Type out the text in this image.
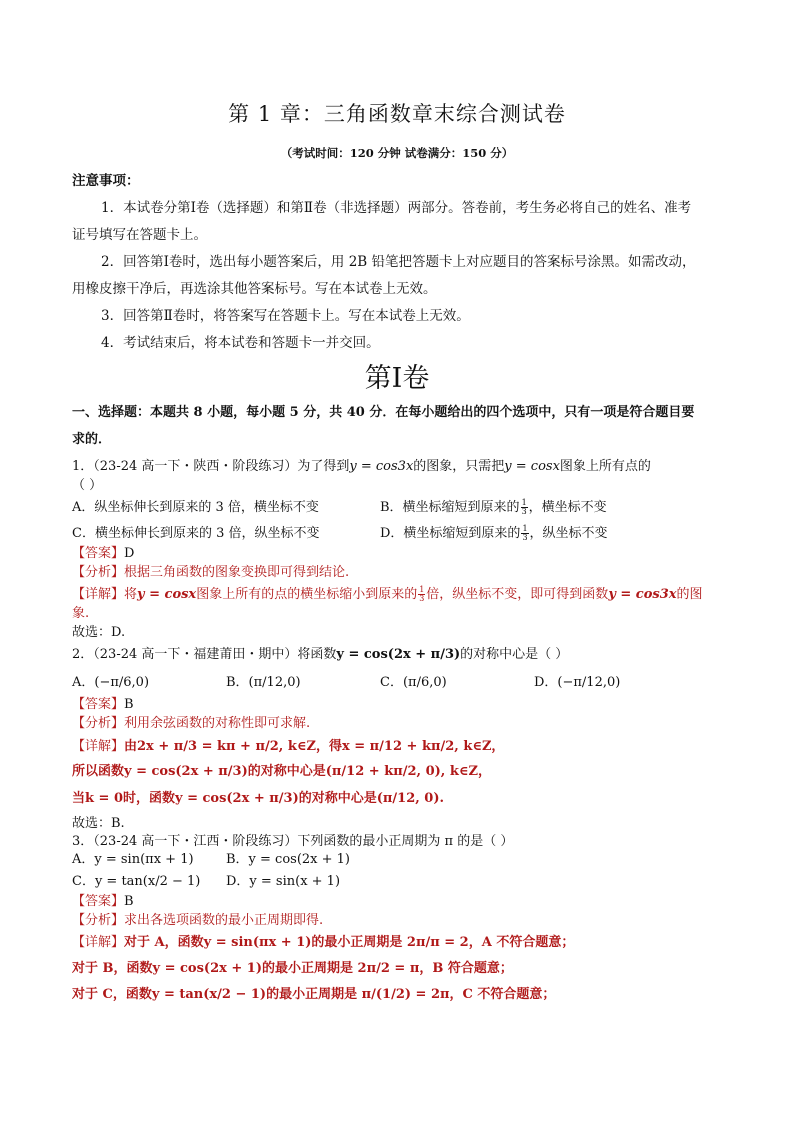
第 1 章：三角函数章末综合测试卷
（考试时间：120 分钟 试卷满分：150 分）
注意事项：
1．本试卷分第Ⅰ卷（选择题）和第Ⅱ卷（非选择题）两部分。答卷前，考生务必将自己的姓名、准考
证号填写在答题卡上。
2．回答第Ⅰ卷时，选出每小题答案后，用 2B 铅笔把答题卡上对应题目的答案标号涂黑。如需改动，
用橡皮擦干净后，再选涂其他答案标号。写在本试卷上无效。
3．回答第Ⅱ卷时，将答案写在答题卡上。写在本试卷上无效。
4．考试结束后，将本试卷和答题卡一并交回。
第Ⅰ卷
一、选择题：本题共 8 小题，每小题 5 分，共 40 分．在每小题给出的四个选项中，只有一项是符合题目要
求的．
1．（23-24 高一下・陕西・阶段练习）为了得到y = cos3x的图象，只需把y = cosx图象上所有点的
（ ）
A．纵坐标伸长到原来的 3 倍，横坐标不变	B．横坐标缩短到原来的 $\frac{1}{3}$ ，横坐标不变
C．横坐标伸长到原来的 3 倍，纵坐标不变	D．横坐标缩短到原来的 $\frac{1}{3}$ ，纵坐标不变
【答案】D
【分析】根据三角函数的图象变换即可得到结论.
【详解】将y = cosx图象上所有的点的横坐标缩小到原来的 $\frac{1}{3}$ 倍，纵坐标不变，即可得到函数y = cos3x的图
象.
故选：D.
2．（23-24 高一下・福建莆田・期中）将函数y = cos(2x + π/3)的对称中心是（ ）
A．(−π/6,0)	B．(π/12,0)	C．(π/6,0)	D．(−π/12,0)
【答案】B
【分析】利用余弦函数的对称性即可求解.
【详解】由2x + π/3 = kπ + π/2, k∈Z，得x = π/12 + kπ/2, k∈Z，
所以函数y = cos(2x + π/3)的对称中心是(π/12 + kπ/2, 0), k∈Z，
当k = 0时，函数y = cos(2x + π/3)的对称中心是(π/12, 0).
故选：B.
3．（23-24 高一下・江西・阶段练习）下列函数的最小正周期为 π 的是（ ）
A．y = sin(πx + 1) B．y = cos(2x + 1)
C．y = tan(x/2 − 1) D．y = sin(x + 1)
【答案】B
【分析】求出各选项函数的最小正周期即得.
【详解】对于 A，函数y = sin(πx + 1)的最小正周期是 2π/π = 2，A 不符合题意；
对于 B，函数y = cos(2x + 1)的最小正周期是 2π/2 = π，B 符合题意；
对于 C，函数y = tan(x/2 − 1)的最小正周期是 π/(1/2) = 2π，C 不符合题意；
